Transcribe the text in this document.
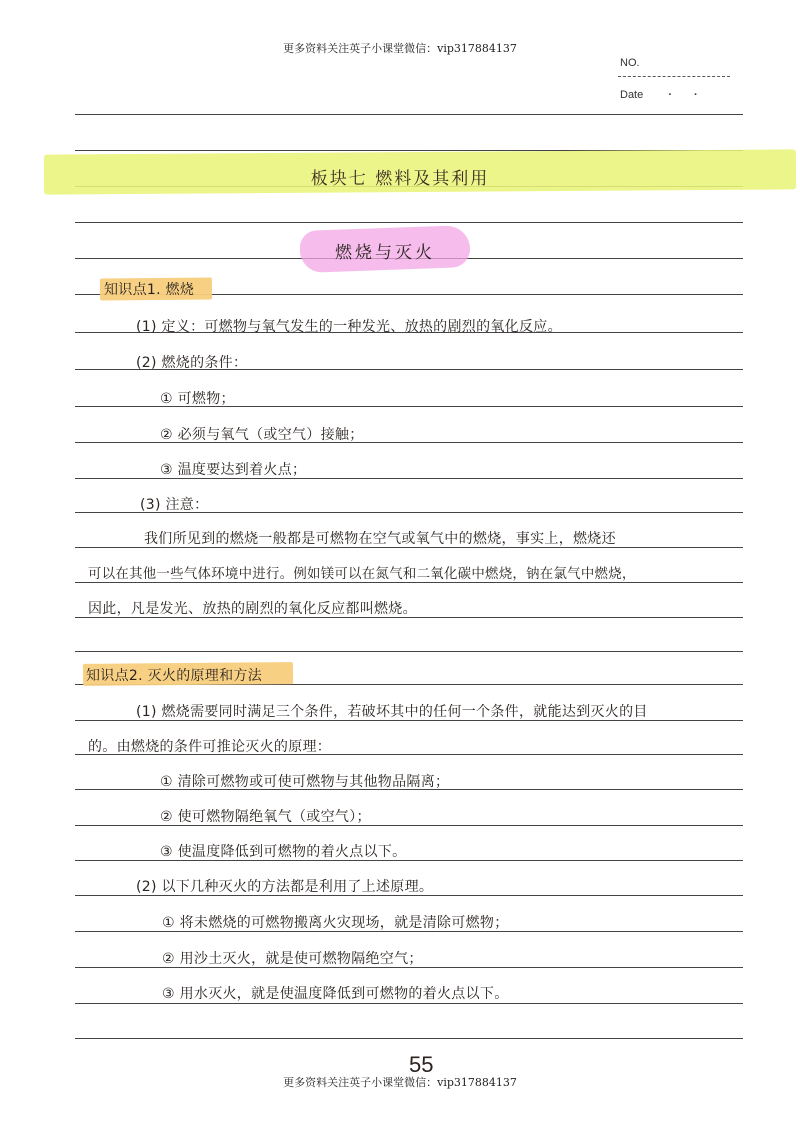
更多资料关注英子小课堂微信：vip317884137
NO.
Date ··
板块七 燃料及其利用
燃烧与灭火
知识点1. 燃烧
(1) 定义：可燃物与氧气发生的一种发光、放热的剧烈的氧化反应。
(2) 燃烧的条件：
① 可燃物；
② 必须与氧气（或空气）接触；
③ 温度要达到着火点；
(3) 注意：
我们所见到的燃烧一般都是可燃物在空气或氧气中的燃烧，事实上，燃烧还
可以在其他一些气体环境中进行。例如镁可以在氮气和二氧化碳中燃烧，钠在氯气中燃烧，
因此，凡是发光、放热的剧烈的氧化反应都叫燃烧。
知识点2. 灭火的原理和方法
(1) 燃烧需要同时满足三个条件，若破坏其中的任何一个条件，就能达到灭火的目
的。由燃烧的条件可推论灭火的原理：
① 清除可燃物或可使可燃物与其他物品隔离；
② 使可燃物隔绝氧气（或空气）；
③ 使温度降低到可燃物的着火点以下。
(2) 以下几种灭火的方法都是利用了上述原理。
① 将未燃烧的可燃物搬离火灾现场，就是清除可燃物；
② 用沙土灭火，就是使可燃物隔绝空气；
③ 用水灭火，就是使温度降低到可燃物的着火点以下。
55
更多资料关注英子小课堂微信：vip317884137
